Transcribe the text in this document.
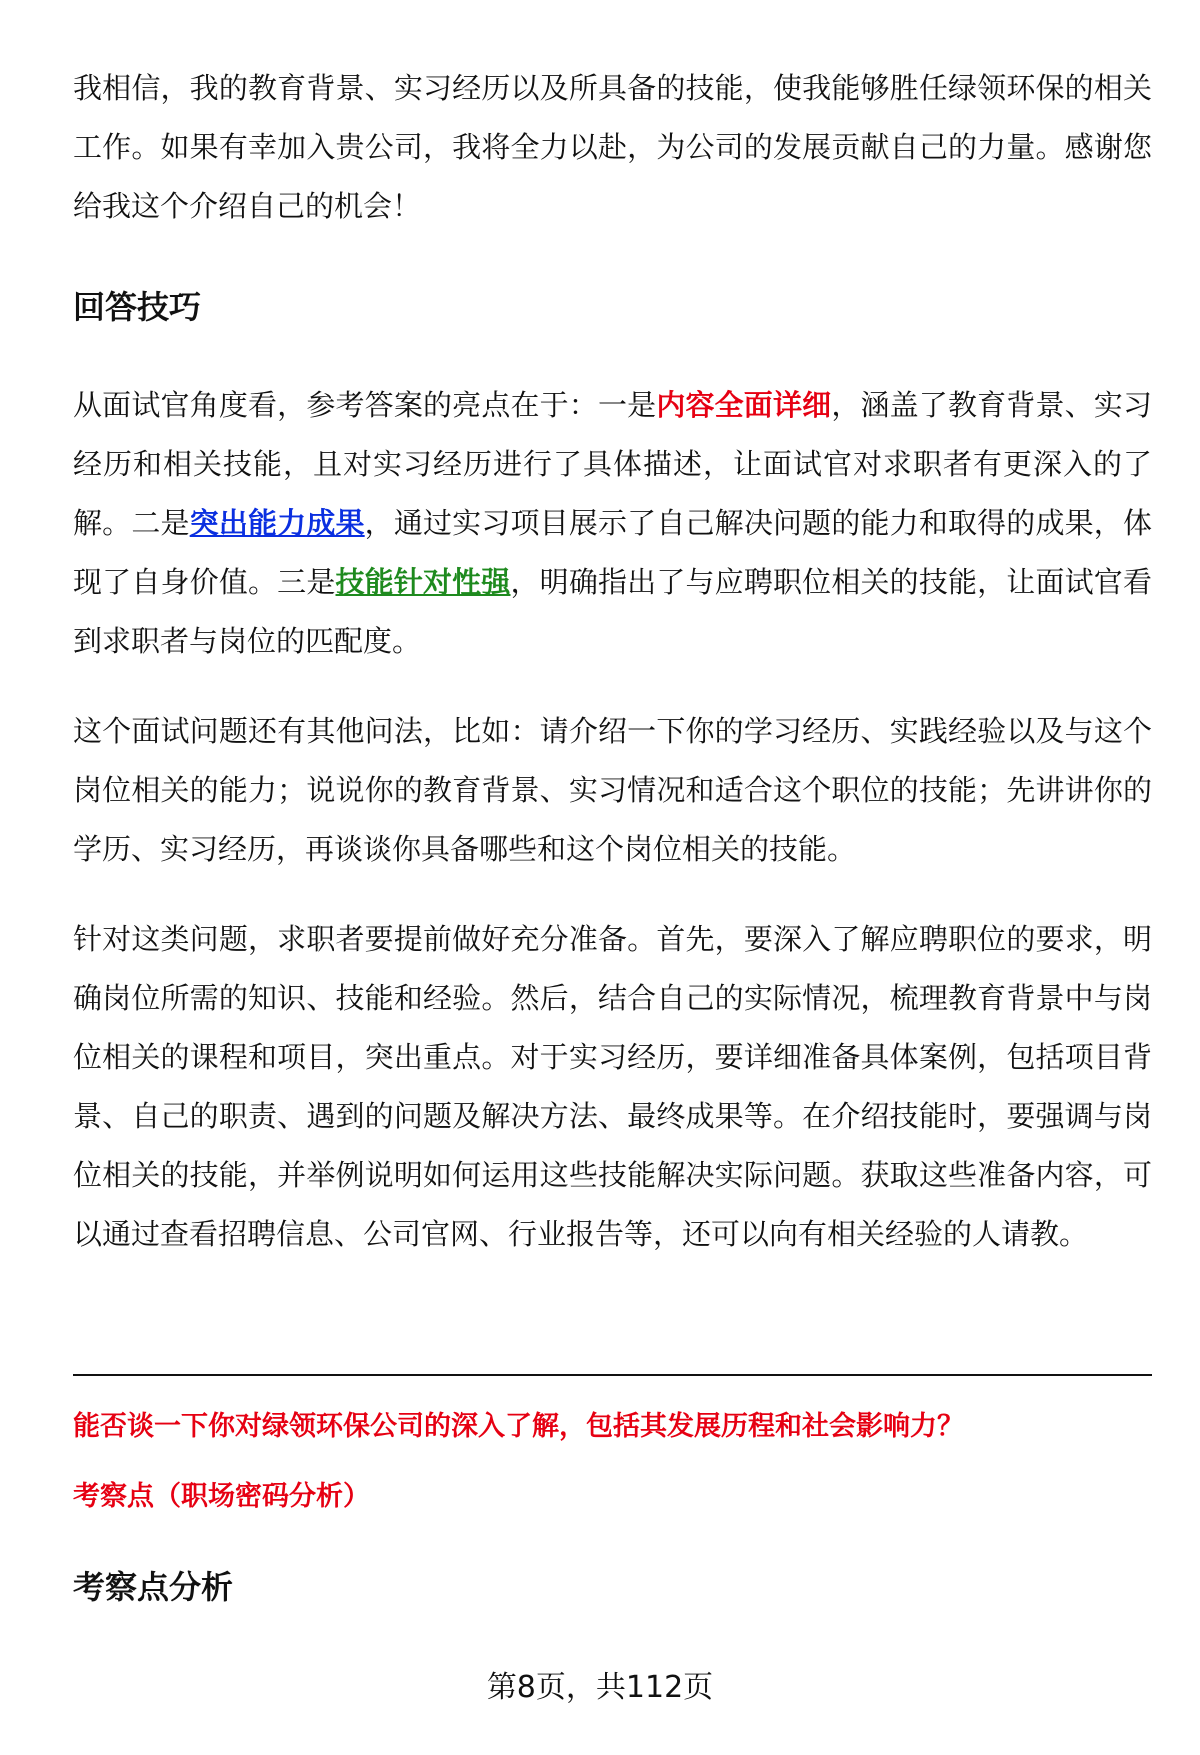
我相信，我的教育背景、实习经历以及所具备的技能，使我能够胜任绿领环保的相关工作。如果有幸加入贵公司，我将全力以赴，为公司的发展贡献自己的力量。感谢您给我这个介绍自己的机会！

回答技巧

从面试官角度看，参考答案的亮点在于：一是内容全面详细，涵盖了教育背景、实习经历和相关技能，且对实习经历进行了具体描述，让面试官对求职者有更深入的了解。二是突出能力成果，通过实习项目展示了自己解决问题的能力和取得的成果，体现了自身价值。三是技能针对性强，明确指出了与应聘职位相关的技能，让面试官看到求职者与岗位的匹配度。

这个面试问题还有其他问法，比如：请介绍一下你的学习经历、实践经验以及与这个岗位相关的能力；说说你的教育背景、实习情况和适合这个职位的技能；先讲讲你的学历、实习经历，再谈谈你具备哪些和这个岗位相关的技能。

针对这类问题，求职者要提前做好充分准备。首先，要深入了解应聘职位的要求，明确岗位所需的知识、技能和经验。然后，结合自己的实际情况，梳理教育背景中与岗位相关的课程和项目，突出重点。对于实习经历，要详细准备具体案例，包括项目背景、自己的职责、遇到的问题及解决方法、最终成果等。在介绍技能时，要强调与岗位相关的技能，并举例说明如何运用这些技能解决实际问题。获取这些准备内容，可以通过查看招聘信息、公司官网、行业报告等，还可以向有相关经验的人请教。

能否谈一下你对绿领环保公司的深入了解，包括其发展历程和社会影响力？
考察点（职场密码分析）
考察点分析
第8页，共112页
